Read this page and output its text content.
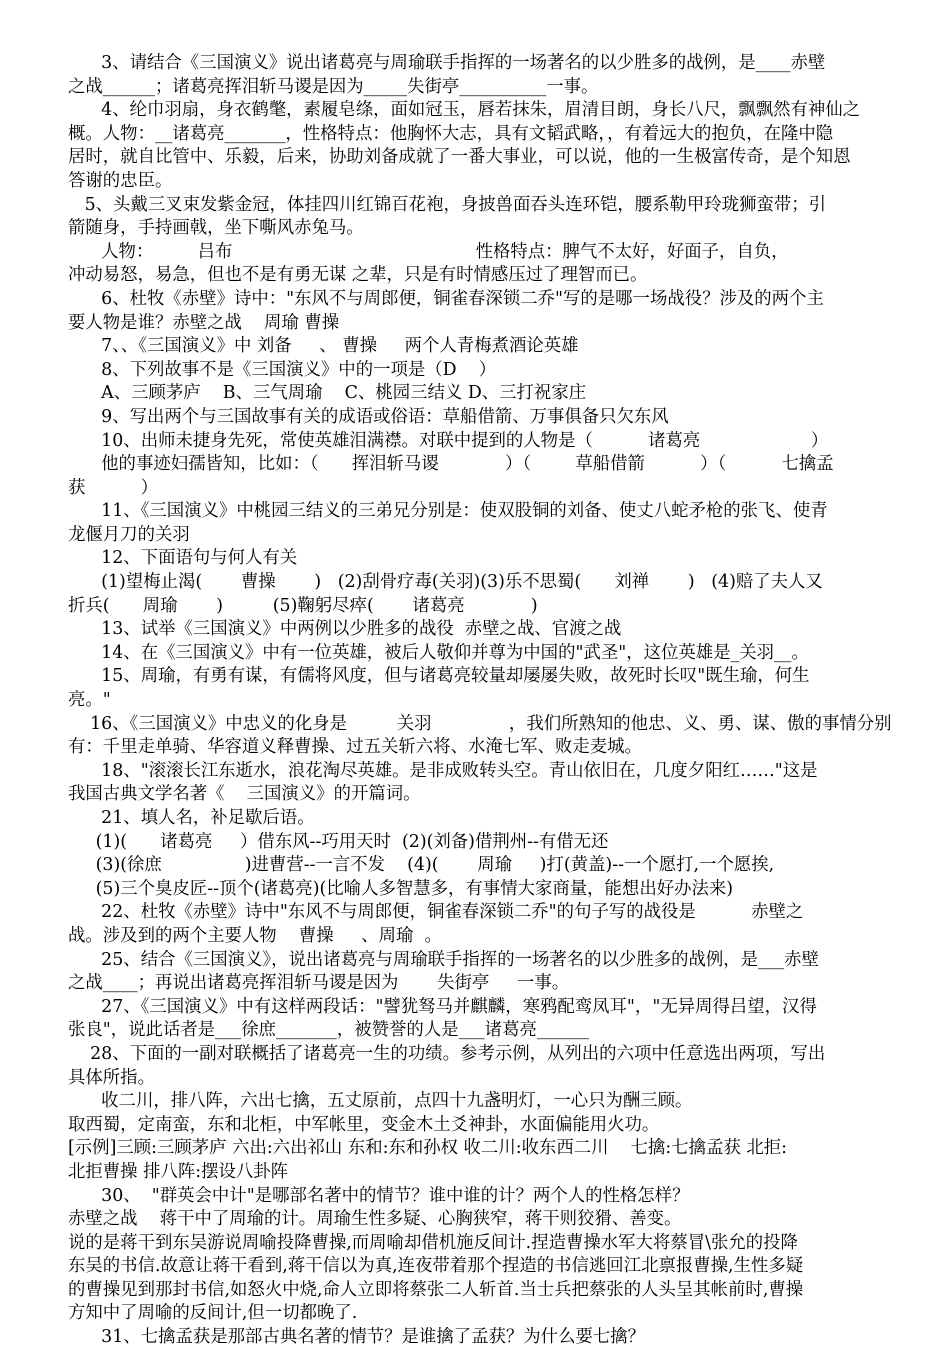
3、请结合《三国演义》说出诸葛亮与周瑜联手指挥的一场著名的以少胜多的战例，是____赤壁
之战______；诸葛亮挥泪斩马谡是因为_____失街亭__________一事。
4、纶巾羽扇，身衣鹤氅，素履皂绦，面如冠玉，唇若抹朱，眉清目朗，身长八尺，飘飘然有神仙之
概。人物：__诸葛亮_______，性格特点：他胸怀大志，具有文韬武略，，有着远大的抱负，在隆中隐
居时，就自比管中、乐毅，后来，协助刘备成就了一番大事业，可以说，他的一生极富传奇，是个知恩
答谢的忠臣。
5、头戴三叉束发紫金冠，体挂四川红锦百花袍，身披兽面吞头连环铠，腰系勒甲玲珑狮蛮带；引
箭随身，手持画戟，坐下嘶风赤兔马。
人物：        吕布                                            性格特点：脾气不太好，好面子，自负，
冲动易怒，易急，但也不是有勇无谋 之辈，只是有时情感压过了理智而已。
6、杜牧《赤壁》诗中："东风不与周郎便，铜雀春深锁二乔"写的是哪一场战役？涉及的两个主
要人物是谁？赤壁之战    周瑜 曹操
7、、《三国演义》中 刘备     、 曹操     两个人青梅煮酒论英雄
8、下列故事不是《三国演义》中的一项是（D    ）
A、三顾茅庐    B、三气周瑜    C、桃园三结义 D、三打祝家庄
9、写出两个与三国故事有关的成语或俗语：草船借箭、万事俱备只欠东风
10、出师未捷身先死，常使英雄泪满襟。对联中提到的人物是（          诸葛亮                    ）
他的事迹妇孺皆知，比如：（      挥泪斩马谡            ）（        草船借箭          ）（          七擒孟
获          ）
11、《三国演义》中桃园三结义的三弟兄分别是：使双股铜的刘备、使丈八蛇矛枪的张飞、使青
龙偃月刀的关羽
12、下面语句与何人有关
(1)望梅止渴(       曹操       )   (2)刮骨疗毒(关羽)(3)乐不思蜀(      刘禅       )   (4)赔了夫人又
折兵(      周瑜       )         (5)鞠躬尽瘁(       诸葛亮            )
13、试举《三国演义》中两例以少胜多的战役  赤壁之战、官渡之战
14、在《三国演义》中有一位英雄，被后人敬仰并尊为中国的"武圣"，这位英雄是_关羽__。
15、周瑜，有勇有谋，有儒将风度，但与诸葛亮较量却屡屡失败，故死时长叹"既生瑜，何生
亮。"
16、《三国演义》中忠义的化身是         关羽              ，我们所熟知的他忠、义、勇、谋、傲的事情分别
有：千里走单骑、华容道义释曹操、过五关斩六将、水淹七军、败走麦城。
18、"滚滚长江东逝水，浪花淘尽英雄。是非成败转头空。青山依旧在，几度夕阳红……"这是
我国古典文学名著《    三国演义》的开篇词。
21、填人名，补足歇后语。
(1)(      诸葛亮     ）借东风--巧用天时  (2)(刘备)借荆州--有借无还
(3)(徐庶               )进曹营--一言不发    (4)(       周瑜     )打(黄盖)--一个愿打,一个愿挨,
(5)三个臭皮匠--顶个(诸葛亮)(比喻人多智慧多，有事情大家商量，能想出好办法来)
22、杜牧《赤壁》诗中"东风不与周郎便，铜雀春深锁二乔"的句子写的战役是          赤壁之
战。涉及到的两个主要人物    曹操     、周瑜  。
25、结合《三国演义》，说出诸葛亮与周瑜联手指挥的一场著名的以少胜多的战例，是___赤壁
之战____；再说出诸葛亮挥泪斩马谡是因为       失街亭     一事。
27、《三国演义》中有这样两段话："譬犹驽马并麒麟，寒鸦配鸾凤耳"，"无异周得吕望，汉得
张良"，说此话者是___徐庶_______，被赞誉的人是___诸葛亮______
28、下面的一副对联概括了诸葛亮一生的功绩。参考示例，从列出的六项中任意选出两项，写出
具体所指。
收二川，排八阵，六出七擒，五丈原前，点四十九盏明灯，一心只为酬三顾。
取西蜀，定南蛮，东和北柜，中军帐里，变金木土爻神卦，水面偏能用火功。
[示例]三顾:三顾茅庐 六出:六出祁山 东和:东和孙权 收二川:收东西二川    七擒:七擒孟获 北拒:
北拒曹操 排八阵:摆设八卦阵
30、  "群英会中计"是哪部名著中的情节？谁中谁的计？两个人的性格怎样？
赤壁之战    蒋干中了周瑜的计。周瑜生性多疑、心胸狭窄，蒋干则狡猾、善变。
说的是蒋干到东吴游说周喻投降曹操,而周喻却借机施反间计.捏造曹操水军大将蔡冒\张允的投降
东吴的书信.故意让蒋干看到,蒋干信以为真,连夜带着那个捏造的书信逃回江北禀报曹操,生性多疑
的曹操见到那封书信,如怒火中烧,命人立即将蔡张二人斩首.当士兵把蔡张的人头呈其帐前时,曹操
方知中了周喻的反间计,但一切都晚了.
31、七擒孟获是那部古典名著的情节？是谁擒了孟获？为什么要七擒？
